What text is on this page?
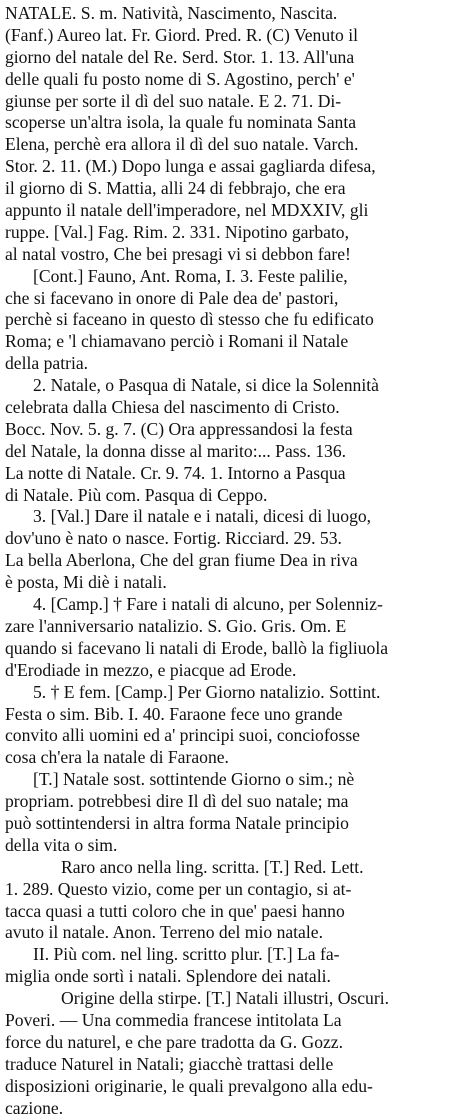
NATALE. S. m. Natività, Nascimento, Nascita.
(Fanf.) Aureo lat. Fr. Giord. Pred. R. (C) Venuto il
giorno del natale del Re. Serd. Stor. 1. 13. All'una
delle quali fu posto nome di S. Agostino, perch' e'
giunse per sorte il dì del suo natale. E 2. 71. Di-
scoperse un'altra isola, la quale fu nominata Santa
Elena, perchè era allora il dì del suo natale. Varch.
Stor. 2. 11. (M.) Dopo lunga e assai gagliarda difesa,
il giorno di S. Mattia, alli 24 di febbrajo, che era
appunto il natale dell'imperadore, nel MDXXIV, gli
ruppe. [Val.] Fag. Rim. 2. 331. Nipotino garbato,
al natal vostro, Che bei presagi vi si debbon fare!
[Cont.] Fauno, Ant. Roma, I. 3. Feste palilie,
che si facevano in onore di Pale dea de' pastori,
perchè si faceano in questo dì stesso che fu edificato
Roma; e 'l chiamavano perciò i Romani il Natale
della patria.
2. Natale, o Pasqua di Natale, si dice la Solennità
celebrata dalla Chiesa del nascimento di Cristo.
Bocc. Nov. 5. g. 7. (C) Ora appressandosi la festa
del Natale, la donna disse al marito:... Pass. 136.
La notte di Natale. Cr. 9. 74. 1. Intorno a Pasqua
di Natale. Più com. Pasqua di Ceppo.
3. [Val.] Dare il natale e i natali, dicesi di luogo,
dov'uno è nato o nasce. Fortig. Ricciard. 29. 53.
La bella Aberlona, Che del gran fiume Dea in riva
è posta, Mi diè i natali.
4. [Camp.] † Fare i natali di alcuno, per Solenniz-
zare l'anniversario natalizio. S. Gio. Gris. Om. E
quando si facevano li natali di Erode, ballò la figliuola
d'Erodiade in mezzo, e piacque ad Erode.
5. † E fem. [Camp.] Per Giorno natalizio. Sottint.
Festa o sim. Bib. I. 40. Faraone fece uno grande
convito alli uomini ed a' principi suoi, conciofosse
cosa ch'era la natale di Faraone.
[T.] Natale sost. sottintende Giorno o sim.; nè
propriam. potrebbesi dire Il dì del suo natale; ma
può sottintendersi in altra forma Natale principio
della vita o sim.
Raro anco nella ling. scritta. [T.] Red. Lett.
1. 289. Questo vizio, come per un contagio, si at-
tacca quasi a tutti coloro che in que' paesi hanno
avuto il natale. Anon. Terreno del mio natale.
II. Più com. nel ling. scritto plur. [T.] La fa-
miglia onde sortì i natali. Splendore dei natali.
Origine della stirpe. [T.] Natali illustri, Oscuri.
Poveri. — Una commedia francese intitolata La
force du naturel, e che pare tradotta da G. Gozz.
traduce Naturel in Natali; giacchè trattasi delle
disposizioni originarie, le quali prevalgono alla edu-
cazione.
